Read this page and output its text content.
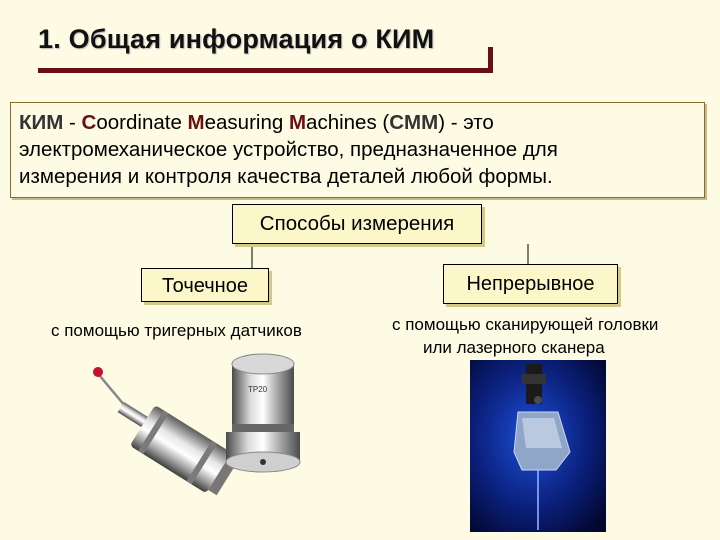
1. Общая информация о КИМ
КИМ - Coordinate Measuring Machines (CMM) - это
электромеханическое устройство, предназначенное для
измерения и контроля качества деталей любой формы.
Способы измерения
Точечное
с помощью тригерных датчиков
Непрерывное
с помощью сканирующей головки
или лазерного сканера
TP20
